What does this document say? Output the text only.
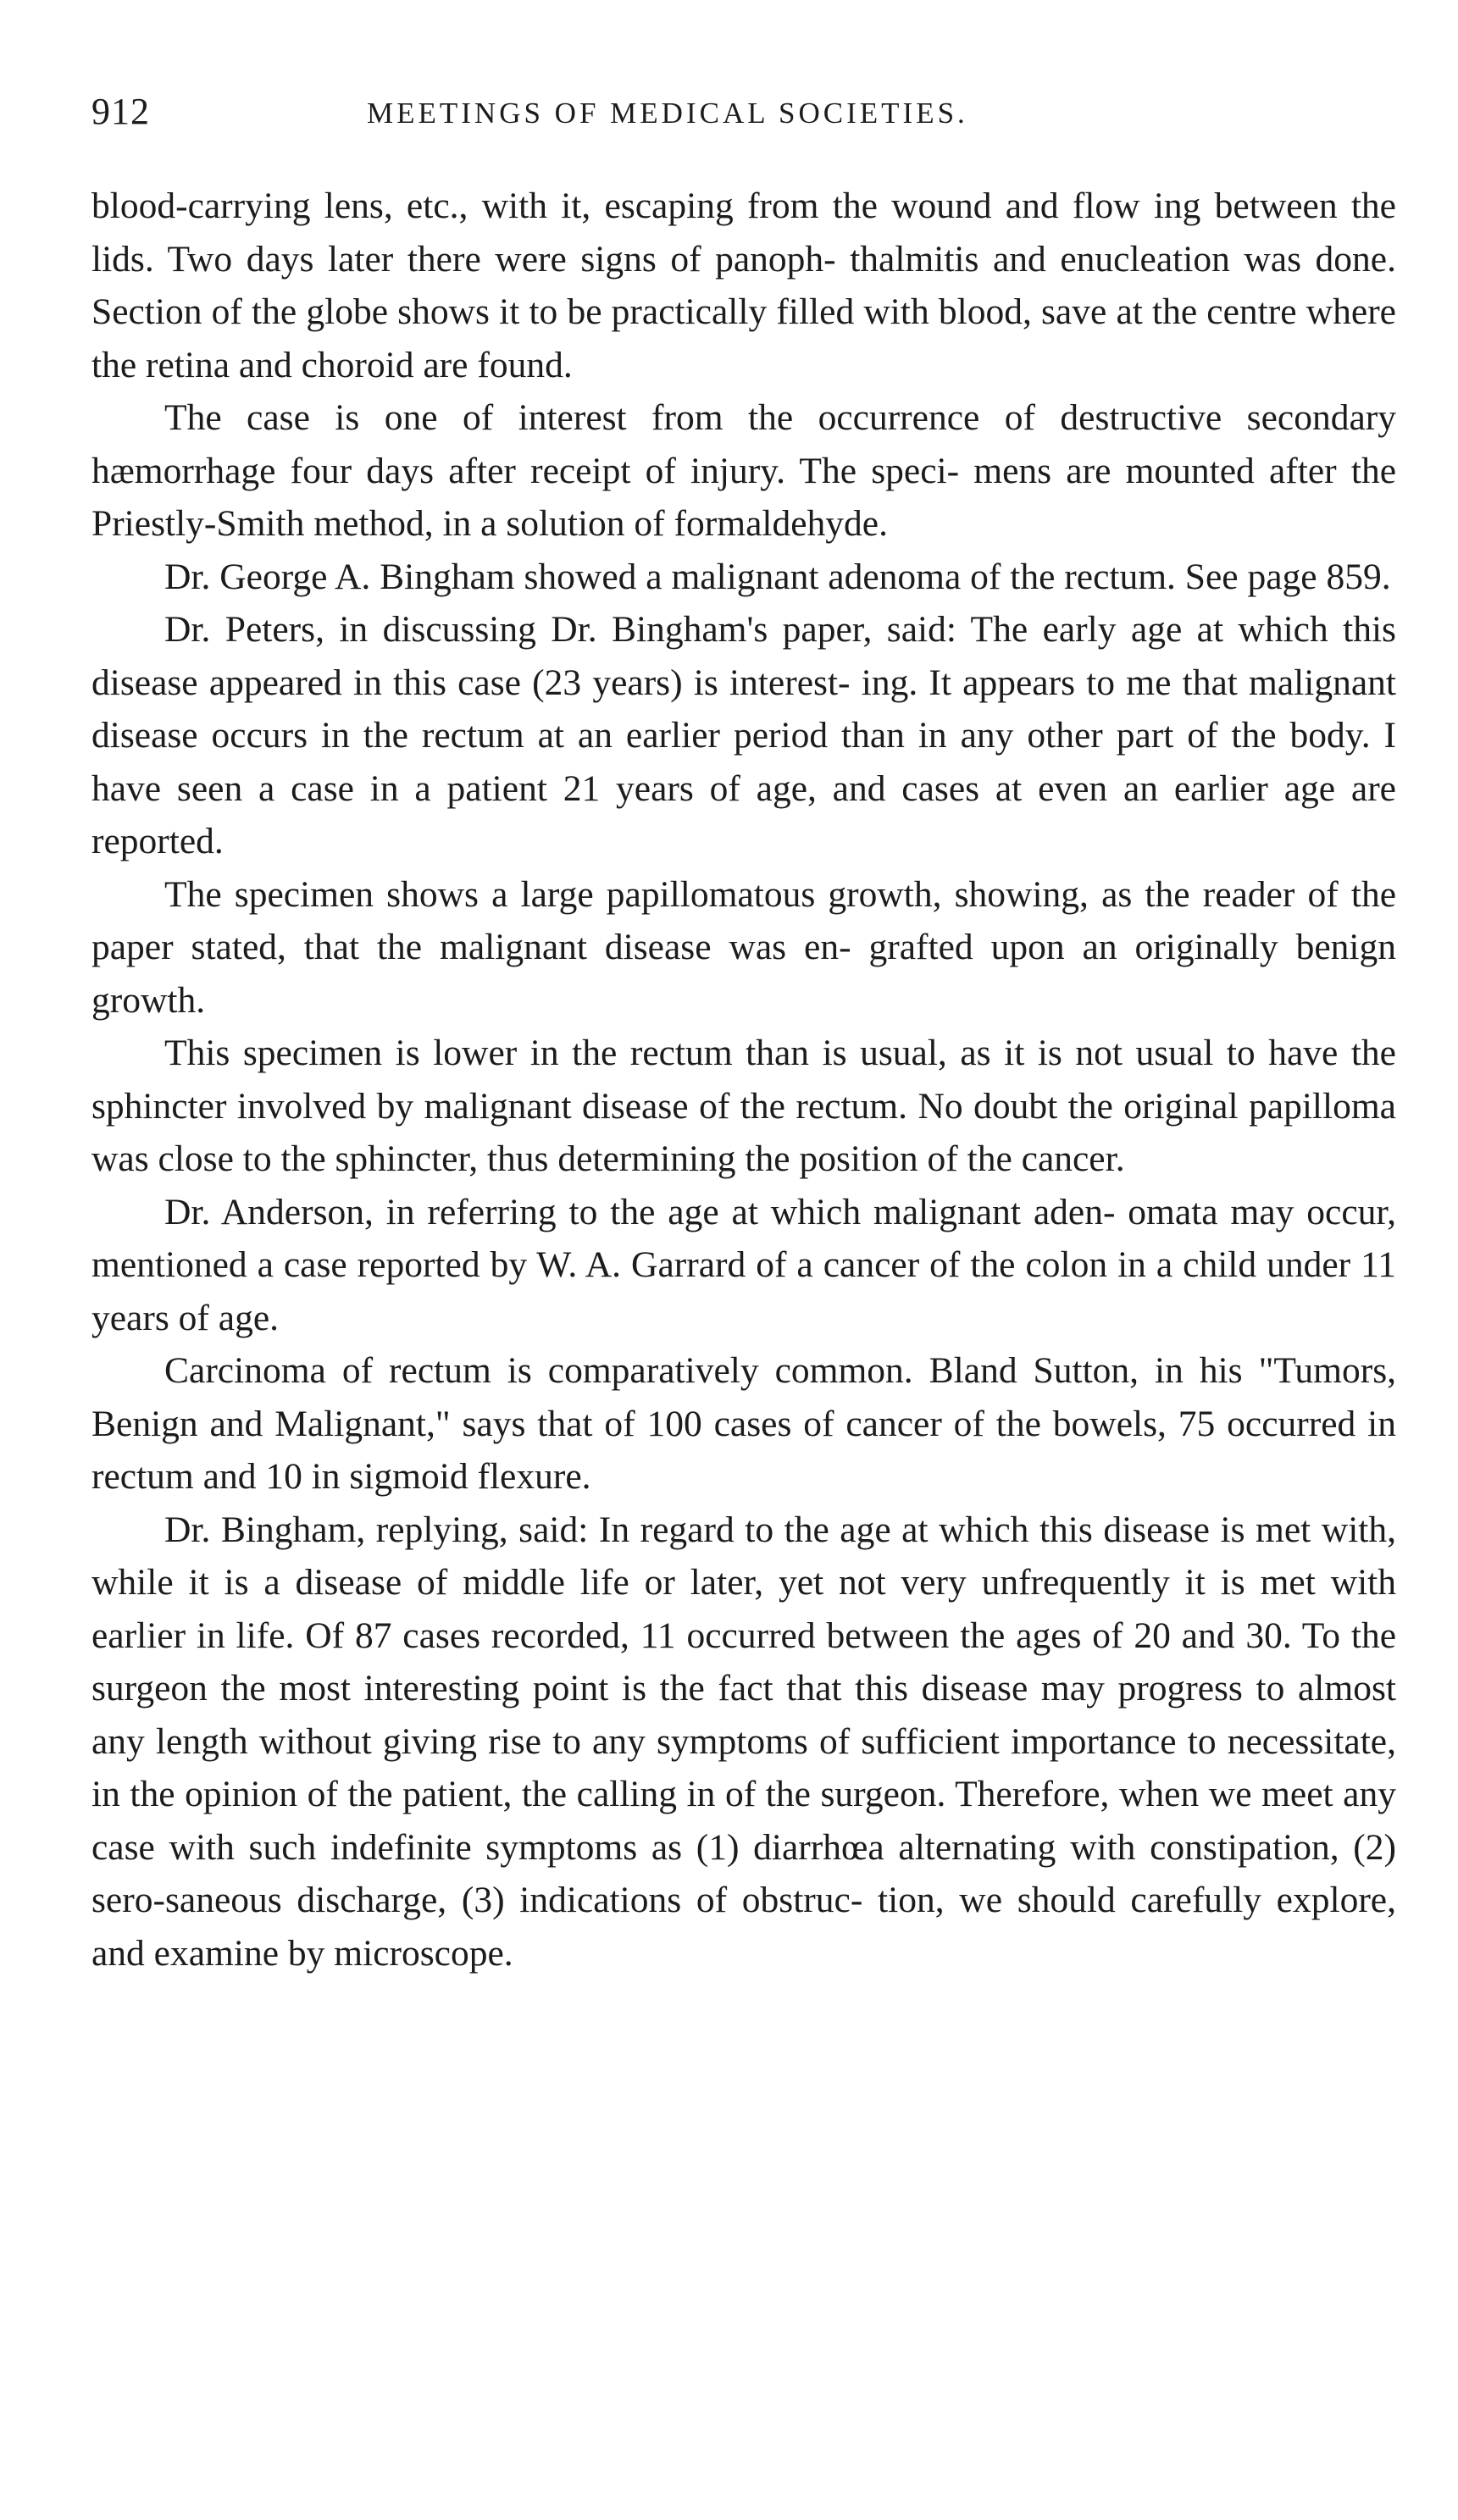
912	MEETINGS OF MEDICAL SOCIETIES.

blood-carrying lens, etc., with it, escaping from the wound and flow ing between the lids. Two days later there were signs of panoph- thalmitis and enucleation was done. Section of the globe shows it to be practically filled with blood, save at the centre where the retina and choroid are found.

The case is one of interest from the occurrence of destructive secondary hæmorrhage four days after receipt of injury. The speci- mens are mounted after the Priestly-Smith method, in a solution of formaldehyde.

Dr. George A. Bingham showed a malignant adenoma of the rectum. See page 859.

Dr. Peters, in discussing Dr. Bingham's paper, said: The early age at which this disease appeared in this case (23 years) is interest- ing. It appears to me that malignant disease occurs in the rectum at an earlier period than in any other part of the body. I have seen a case in a patient 21 years of age, and cases at even an earlier age are reported.

The specimen shows a large papillomatous growth, showing, as the reader of the paper stated, that the malignant disease was en- grafted upon an originally benign growth.

This specimen is lower in the rectum than is usual, as it is not usual to have the sphincter involved by malignant disease of the rectum. No doubt the original papilloma was close to the sphincter, thus determining the position of the cancer.

Dr. Anderson, in referring to the age at which malignant aden- omata may occur, mentioned a case reported by W. A. Garrard of a cancer of the colon in a child under 11 years of age.

Carcinoma of rectum is comparatively common. Bland Sutton, in his "Tumors, Benign and Malignant," says that of 100 cases of cancer of the bowels, 75 occurred in rectum and 10 in sigmoid flexure.

Dr. Bingham, replying, said: In regard to the age at which this disease is met with, while it is a disease of middle life or later, yet not very unfrequently it is met with earlier in life. Of 87 cases recorded, 11 occurred between the ages of 20 and 30. To the surgeon the most interesting point is the fact that this disease may progress to almost any length without giving rise to any symptoms of sufficient importance to necessitate, in the opinion of the patient, the calling in of the surgeon. Therefore, when we meet any case with such indefinite symptoms as (1) diarrhœa alternating with constipation, (2) sero-saneous discharge, (3) indications of obstruc- tion, we should carefully explore, and examine by microscope.
